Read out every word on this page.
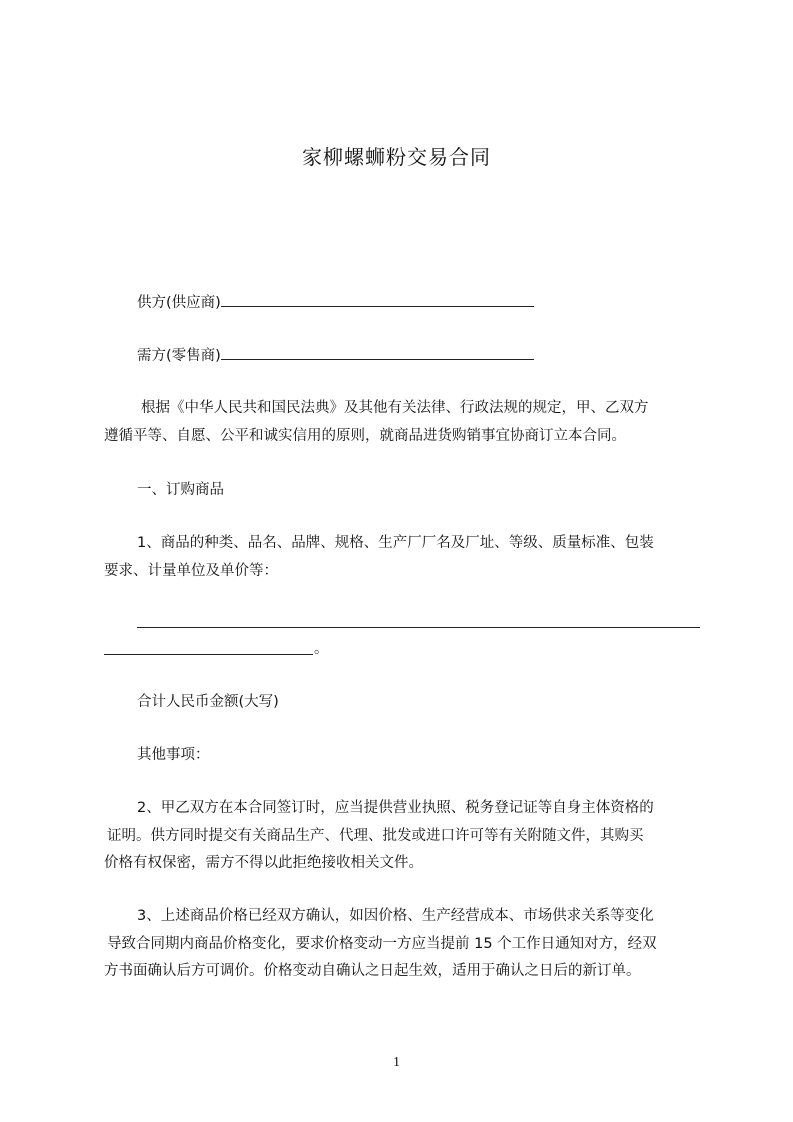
家柳螺蛳粉交易合同
供方(供应商)
需方(零售商)

根据《中华人民共和国民法典》及其他有关法律、行政法规的规定，甲、乙双方

遵循平等、自愿、公平和诚实信用的原则，就商品进货购销事宜协商订立本合同。

一、订购商品

1、商品的种类、品名、品牌、规格、生产厂厂名及厂址、等级、质量标准、包装

要求、计量单位及单价等：

。

合计人民币金额(大写)

其他事项：

2、甲乙双方在本合同签订时，应当提供营业执照、税务登记证等自身主体资格的

证明。供方同时提交有关商品生产、代理、批发或进口许可等有关附随文件，其购买

价格有权保密，需方不得以此拒绝接收相关文件。

3、上述商品价格已经双方确认，如因价格、生产经营成本、市场供求关系等变化

导致合同期内商品价格变化，要求价格变动一方应当提前 15 个工作日通知对方，经双

方书面确认后方可调价。价格变动自确认之日起生效，适用于确认之日后的新订单。

1
